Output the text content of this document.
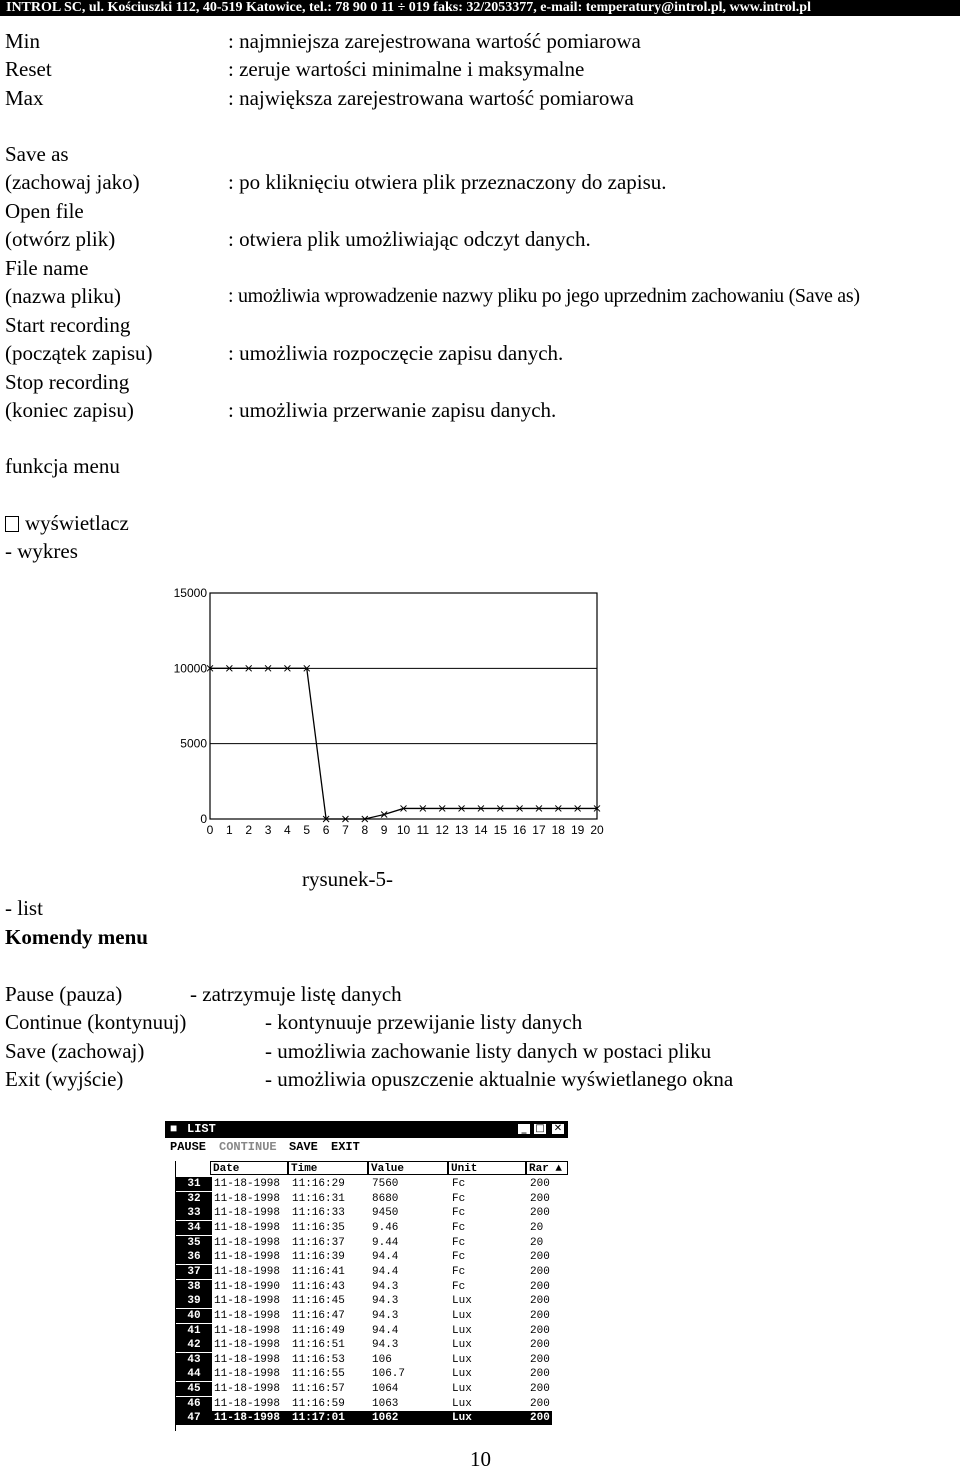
INTROL SC, ul. Kościuszki 112, 40-519 Katowice, tel.: 78 90 0 11 ÷ 019 faks: 32/2053377, e-mail: temperatury@introl.pl, www.introl.pl
Min	: najmniejsza zarejestrowana wartość pomiarowa
Reset	: zeruje wartości minimalne i maksymalne
Max	: największa zarejestrowana wartość pomiarowa
Save as
(zachowaj jako)	: po kliknięciu otwiera plik przeznaczony do zapisu.
Open file
(otwórz plik)	: otwiera plik umożliwiając odczyt danych.
File name
(nazwa pliku)	: umożliwia wprowadzenie nazwy pliku po jego uprzednim zachowaniu (Save as)
Start recording
(początek zapisu)	: umożliwia rozpoczęcie zapisu danych.
Stop recording
(koniec zapisu)	: umożliwia przerwanie zapisu danych.
funkcja menu
wyświetlacz
- wykres
15000
10000
5000
0
0 1 2 3 4 5 6 7 8 9 10 11 12 13 14 15 16 17 18 19 20
rysunek-5-
- list
Komendy menu
Pause (pauza)	- zatrzymuje listę danych
Continue (kontynuuj)	- kontynuuje przewijanie listy danych
Save (zachowaj)	- umożliwia zachowanie listy danych w postaci pliku
Exit (wyjście)	- umożliwia opuszczenie aktualnie wyświetlanego okna
■ LIST	_ □ ✕
PAUSE CONTINUE SAVE EXIT
Date	Time	Value	Unit	Rar ▲
31	11-18-1998 11:16:29 7560	Fc	200
32	11-18-1998 11:16:31 8680	Fc	200
33	11-18-1998 11:16:33 9450	Fc	200
34	11-18-1998 11:16:35 9.46	Fc	20
35	11-18-1998 11:16:37 9.44	Fc	20
36	11-18-1998 11:16:39 94.4	Fc	200
37	11-18-1998 11:16:41 94.4	Fc	200
38	11-18-1990 11:16:43 94.3	Fc	200
39	11-18-1998 11:16:45 94.3	Lux	200
40	11-18-1998 11:16:47 94.3	Lux	200
41	11-18-1998 11:16:49 94.4	Lux	200
42	11-18-1998 11:16:51 94.3	Lux	200
43	11-18-1998 11:16:53 106	Lux	200
44	11-18-1998 11:16:55 106.7	Lux	200
45	11-18-1998 11:16:57 1064	Lux	200
46	11-18-1998 11:16:59 1063	Lux	200
47	11-18-1998 11:17:01 1062	Lux	200
10
